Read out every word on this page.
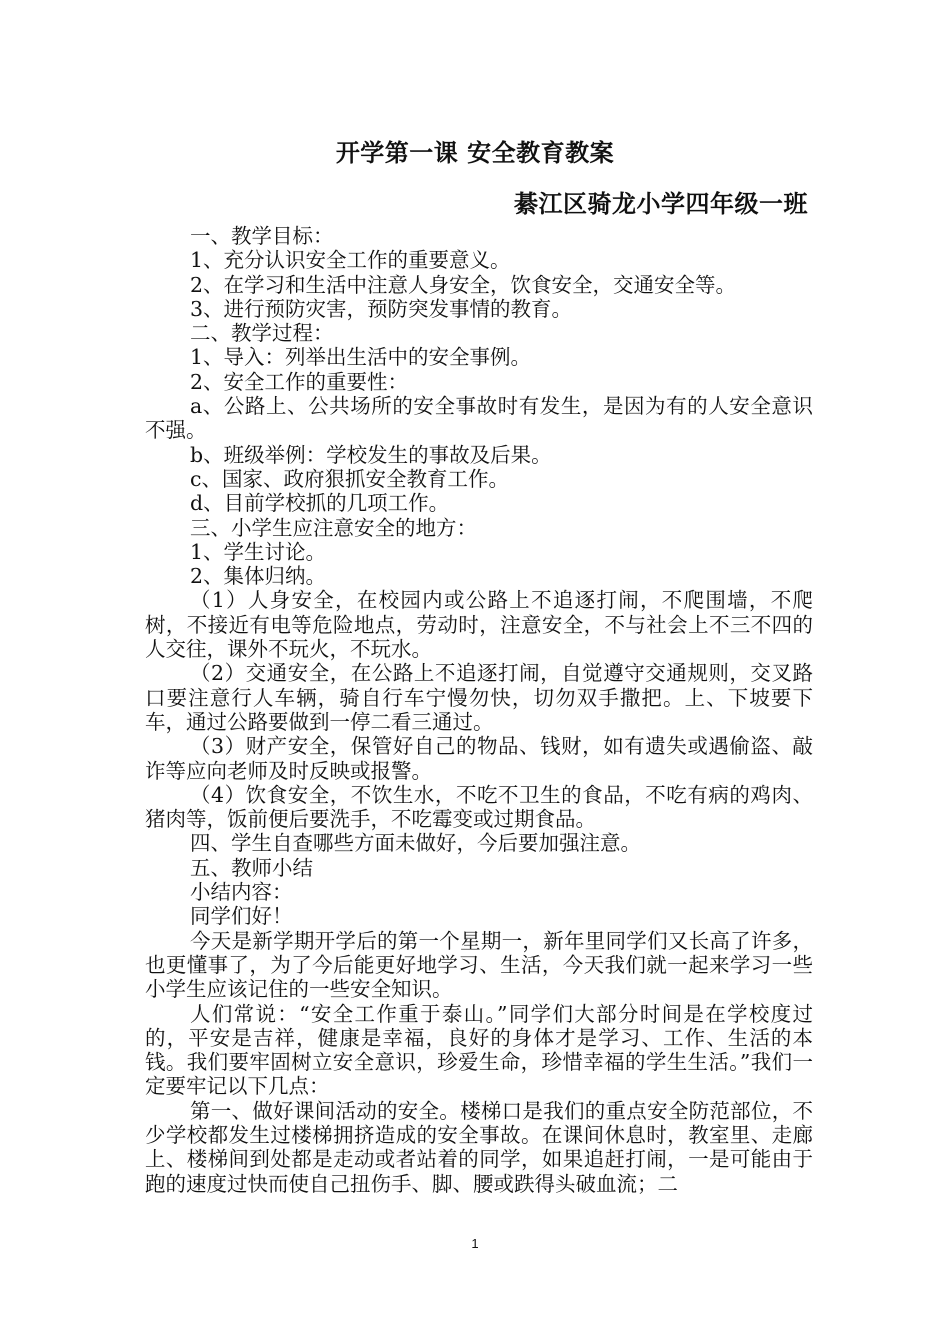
开学第一课 安全教育教案
綦江区骑龙小学四年级一班

一、教学目标：

1、充分认识安全工作的重要意义。

2、在学习和生活中注意人身安全，饮食安全，交通安全等。

3、进行预防灾害，预防突发事情的教育。

二、教学过程：

1、导入：列举出生活中的安全事例。

2、安全工作的重要性：

a、公路上、公共场所的安全事故时有发生，是因为有的人安全意识不强。

b、班级举例：学校发生的事故及后果。

c、国家、政府狠抓安全教育工作。

d、目前学校抓的几项工作。

三、小学生应注意安全的地方：

1、学生讨论。

2、集体归纳。

（1）人身安全，在校园内或公路上不追逐打闹，不爬围墙，不爬树，不接近有电等危险地点，劳动时，注意安全，不与社会上不三不四的人交往，课外不玩火，不玩水。

（2）交通安全，在公路上不追逐打闹，自觉遵守交通规则，交叉路口要注意行人车辆，骑自行车宁慢勿快，切勿双手撒把。上、下坡要下车，通过公路要做到一停二看三通过。

（3）财产安全，保管好自己的物品、钱财，如有遗失或遇偷盗、敲诈等应向老师及时反映或报警。

（4）饮食安全，不饮生水，不吃不卫生的食品，不吃有病的鸡肉、猪肉等，饭前便后要洗手，不吃霉变或过期食品。

四、学生自查哪些方面未做好，今后要加强注意。

五、教师小结

小结内容：

同学们好！

今天是新学期开学后的第一个星期一，新年里同学们又长高了许多，也更懂事了，为了今后能更好地学习、生活，今天我们就一起来学习一些小学生应该记住的一些安全知识。

人们常说：“安全工作重于泰山。”同学们大部分时间是在学校度过的，平安是吉祥，健康是幸福，良好的身体才是学习、工作、生活的本钱。我们要牢固树立安全意识，珍爱生命，珍惜幸福的学生生活。”我们一定要牢记以下几点：

第一、做好课间活动的安全。楼梯口是我们的重点安全防范部位，不少学校都发生过楼梯拥挤造成的安全事故。在课间休息时，教室里、走廊上、楼梯间到处都是走动或者站着的同学，如果追赶打闹，一是可能由于跑的速度过快而使自己扭伤手、脚、腰或跌得头破血流；二

1
